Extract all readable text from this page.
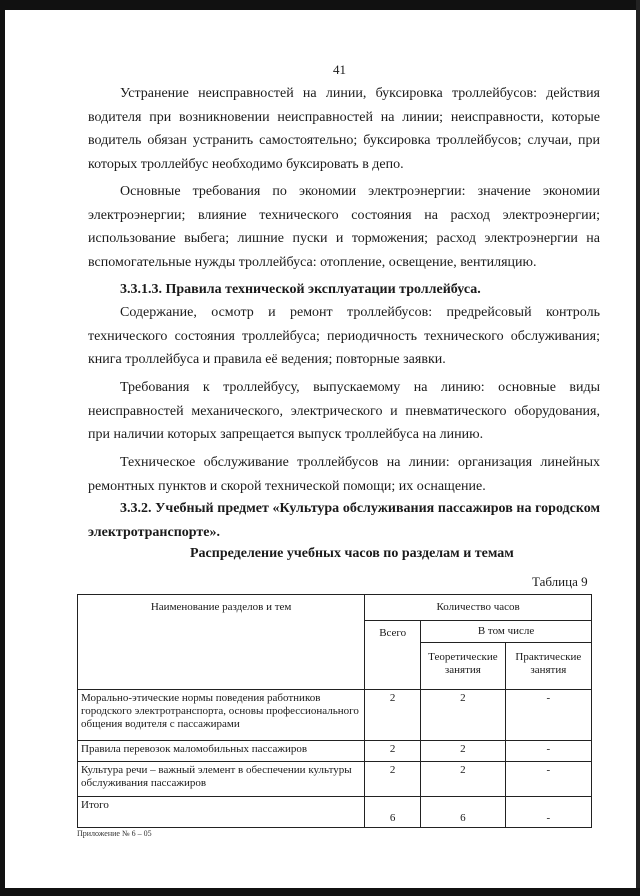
41

Устранение неисправностей на линии, буксировка троллейбусов: действия водителя при возникновении неисправностей на линии; неисправности, которые водитель обязан устранить самостоятельно; буксировка троллейбусов; случаи, при которых троллейбус необходимо буксировать в депо.

Основные требования по экономии электроэнергии: значение экономии электроэнергии; влияние технического состояния на расход электроэнергии; использование выбега; лишние пуски и торможения; расход электроэнергии на вспомогательные нужды троллейбуса: отопление, освещение, вентиляцию.

3.3.1.3. Правила технической эксплуатации троллейбуса.

Содержание, осмотр и ремонт троллейбусов: предрейсовый контроль технического состояния троллейбуса; периодичность технического обслуживания; книга троллейбуса и правила её ведения; повторные заявки.

Требования к троллейбусу, выпускаемому на линию: основные виды неисправностей механического, электрического и пневматического оборудования, при наличии которых запрещается выпуск троллейбуса на линию.

Техническое обслуживание троллейбусов на линии: организация линейных ремонтных пунктов и скорой технической помощи; их оснащение.

3.3.2. Учебный предмет «Культура обслуживания пассажиров на городском электротранспорте».

Распределение учебных часов по разделам и темам
Таблица 9
Наименование разделов и тем	Количество часов		
	Всего	В том числе	
		Теоретические занятия	Практические занятия
Морально-этические нормы поведения работников городского электротранспорта, основы профессионального общения водителя с пассажирами	2	2	-
Правила перевозок маломобильных пассажиров	2	2	-
Культура речи – важный элемент в обеспечении культуры обслуживания пассажиров	2	2	-
Итого	6	6	-
Приложение № 6 – 05
